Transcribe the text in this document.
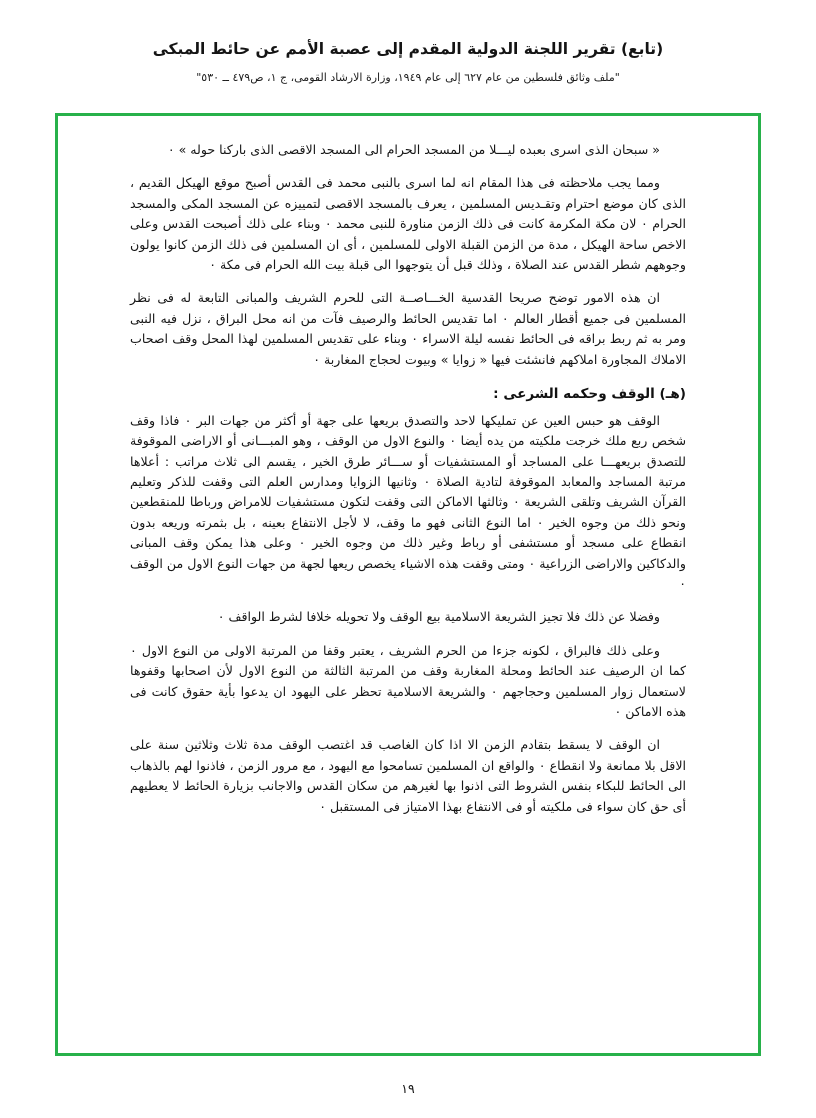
(تابع) تقرير اللجنة الدولية المقدم إلى عصبة الأمم عن حائط المبكى
"ملف وثائق فلسطين من عام ٦٢٧ إلى عام ١٩٤٩، وزارة الارشاد القومى، ج ١، ص٤٧٩ ــ ٥٣٠"

« سبحان الذى اسرى بعبده ليـــلا من المسجد الحرام الى المسجد الاقصى الذى باركنا حوله » ٠

ومما يجب ملاحظته فى هذا المقام انه لما اسرى بالنبى محمد فى القدس أصبح موقع الهيكل القديم ، الذى كان موضع احترام وتقـديس المسلمين ، يعرف بالمسجد الاقصى لتمييزه عن المسجد المكى والمسجد الحرام ٠ لان مكة المكرمة كانت فى ذلك الزمن مناورة للنبى محمد ٠ وبناء على ذلك أصبحت القدس وعلى الاخص ساحة الهيكل ، مدة من الزمن القبلة الاولى للمسلمين ، أى ان المسلمين فى ذلك الزمن كانوا يولون وجوههم شطر القدس عند الصلاة ، وذلك قبل أن يتوجهوا الى قبلة بيت الله الحرام فى مكة ٠

ان هذه الامور توضح صريحا القدسية الخـــاصــة التى للحرم الشريف والمبانى التابعة له فى نظر المسلمين فى جميع أقطار العالم ٠ اما تقديس الحائط والرصيف فآت من انه محل البراق ، نزل فيه النبى ومر به ثم ربط براقه فى الحائط نفسه ليلة الاسراء ٠ وبناء على تقديس المسلمين لهذا المحل وقف اصحاب الاملاك المجاورة املاكهم فانشئت فيها « زوايا » وبيوت لحجاج المغاربة ٠

(هـ) الوقف وحكمه الشرعى :

الوقف هو حبس العين عن تمليكها لاحد والتصدق بريعها على جهة أو أكثر من جهات البر ٠ فاذا وقف شخص ربع ملك خرجت ملكيته من يده أيضا ٠ والنوع الاول من الوقف ، وهو المبـــانى أو الاراضى الموقوفة للتصدق بريعهـــا على المساجد أو المستشفيات أو ســـائر طرق الخير ، يقسم الى ثلاث مراتب : أعلاها مرتبة المساجد والمعابد الموقوفة لتادية الصلاة ٠ وثانيها الزوايا ومدارس العلم التى وقفت للذكر وتعليم القرآن الشريف وتلقى الشريعة ٠ وثالثها الاماكن التى وقفت لتكون مستشفيات للامراض ورباطا للمنقطعين ونحو ذلك من وجوه الخير ٠ اما النوع الثانى فهو ما وقف، لا لأجل الانتفاع بعينه ، بل بثمرته وريعه بدون انقطاع على مسجد أو مستشفى أو رباط وغير ذلك من وجوه الخير ٠ وعلى هذا يمكن وقف المبانى والدكاكين والاراضى الزراعية ٠ ومتى وقفت هذه الاشياء يخصص ريعها لجهة من جهات النوع الاول من الوقف ٠

وفضلا عن ذلك فلا تجيز الشريعة الاسلامية بيع الوقف ولا تحويله خلافا لشرط الواقف ٠

وعلى ذلك فالبراق ، لكونه جزءا من الحرم الشريف ، يعتبر وقفا من المرتبة الاولى من النوع الاول ٠ كما ان الرصيف عند الحائط ومحلة المغاربة وقف من المرتبة الثالثة من النوع الاول لأن اصحابها وقفوها لاستعمال زوار المسلمين وحجاجهم ٠ والشريعة الاسلامية تحظر على اليهود ان يدعوا بأية حقوق كانت فى هذه الاماكن ٠

ان الوقف لا يسقط بتقادم الزمن الا اذا كان الغاصب قد اغتصب الوقف مدة ثلاث وثلاثين سنة على الاقل بلا ممانعة ولا انقطاع ٠ والواقع ان المسلمين تسامحوا مع اليهود ، مع مرور الزمن ، فاذنوا لهم بالذهاب الى الحائط للبكاء بنفس الشروط التى اذنوا بها لغيرهم من سكان القدس والاجانب بزيارة الحائط لا يعطيهم أى حق كان سواء فى ملكيته أو فى الانتفاع بهذا الامتياز فى المستقبل ٠

١٩
